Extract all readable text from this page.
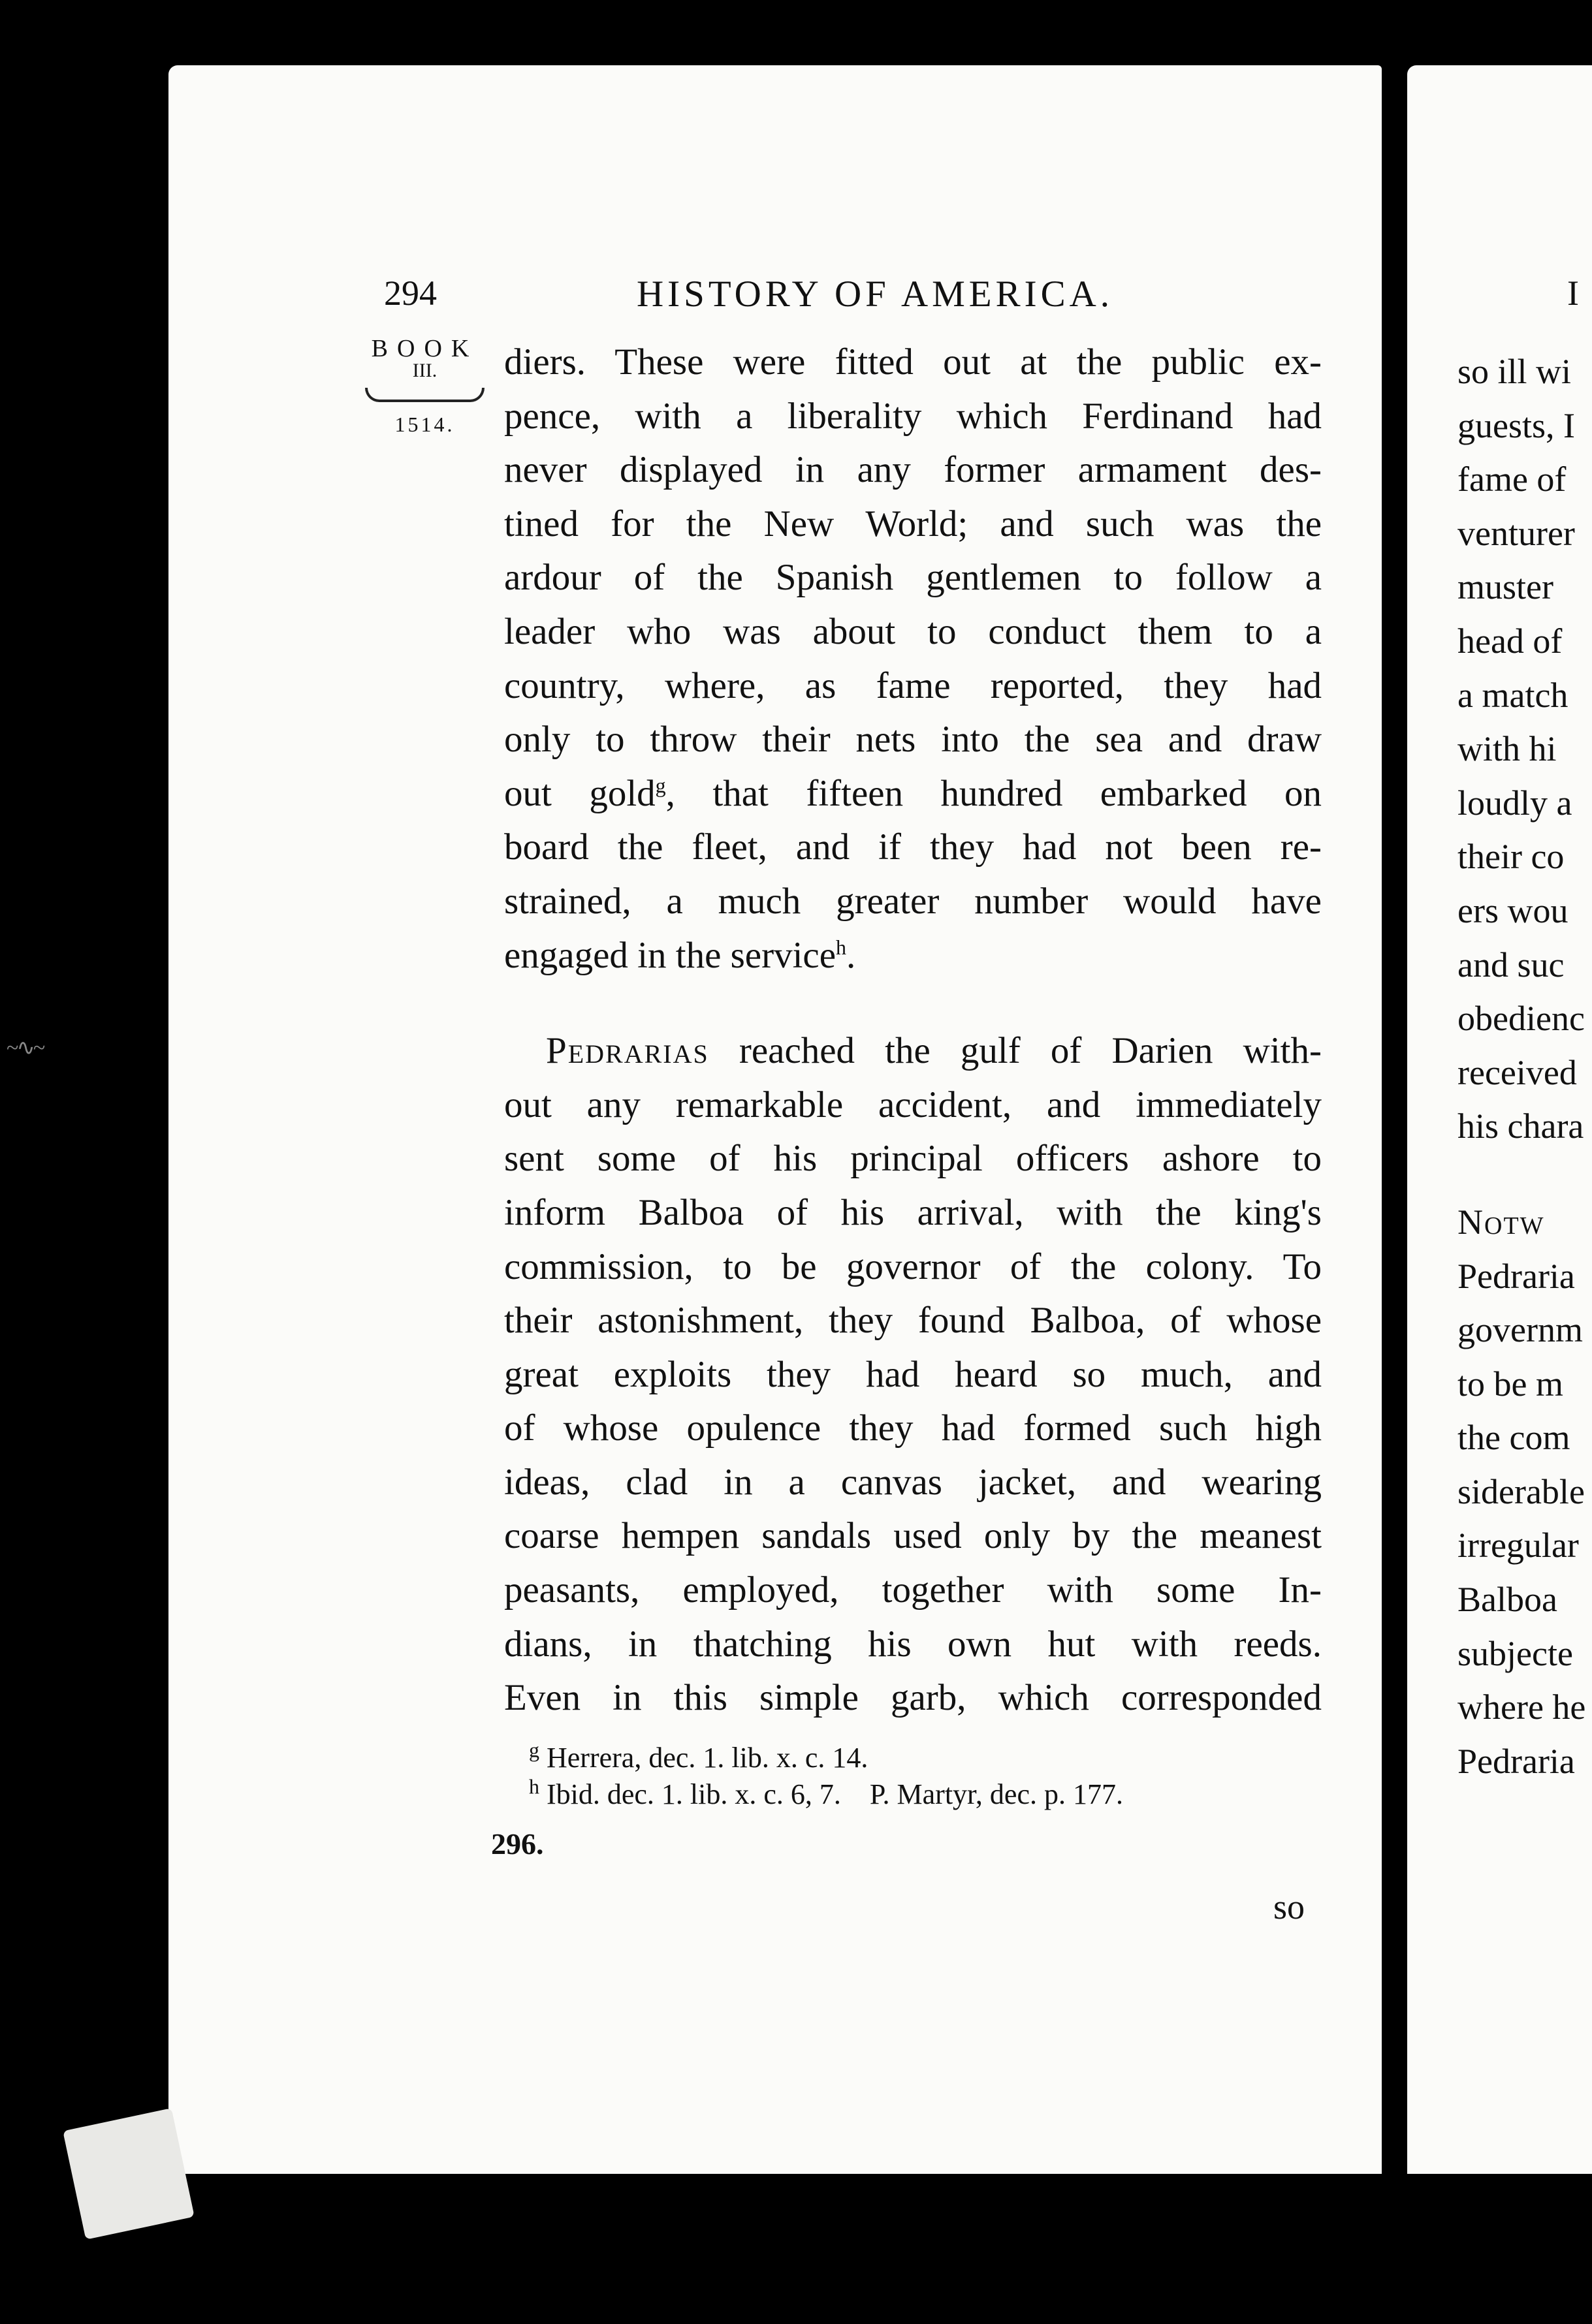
~∿~
294	HISTORY OF AMERICA.	I
BOOK
III.
1514.
diers. These were fitted out at the public ex-
pence, with a liberality which Ferdinand had
never displayed in any former armament des-
tined for the New World; and such was the
ardour of the Spanish gentlemen to follow a
leader who was about to conduct them to a
country, where, as fame reported, they had
only to throw their nets into the sea and draw
out gold$^g$, that fifteen hundred embarked on
board the fleet, and if they had not been re-
strained, a much greater number would have
engaged in the service$^h$.
Pedrarias reached the gulf of Darien with-
out any remarkable accident, and immediately
sent some of his principal officers ashore to
inform Balboa of his arrival, with the king's
commission, to be governor of the colony. To
their astonishment, they found Balboa, of whose
great exploits they had heard so much, and
of whose opulence they had formed such high
ideas, clad in a canvas jacket, and wearing
coarse hempen sandals used only by the meanest
peasants, employed, together with some In-
dians, in thatching his own hut with reeds.
Even in this simple garb, which corresponded
$^g$ Herrera, dec. 1. lib. x. c. 14.
$^h$ Ibid. dec. 1. lib. x. c. 6, 7.    P. Martyr, dec. p. 177.
296.
so
so ill wi
guests, I
fame of
venturer
muster
head of
a match
with hi
loudly a
their co
ers wou
and suc
obedienc
received
his chara
Notw
Pedraria
governm
to be m
the com
siderable
irregular
Balboa
subjecte
where he
Pedraria
